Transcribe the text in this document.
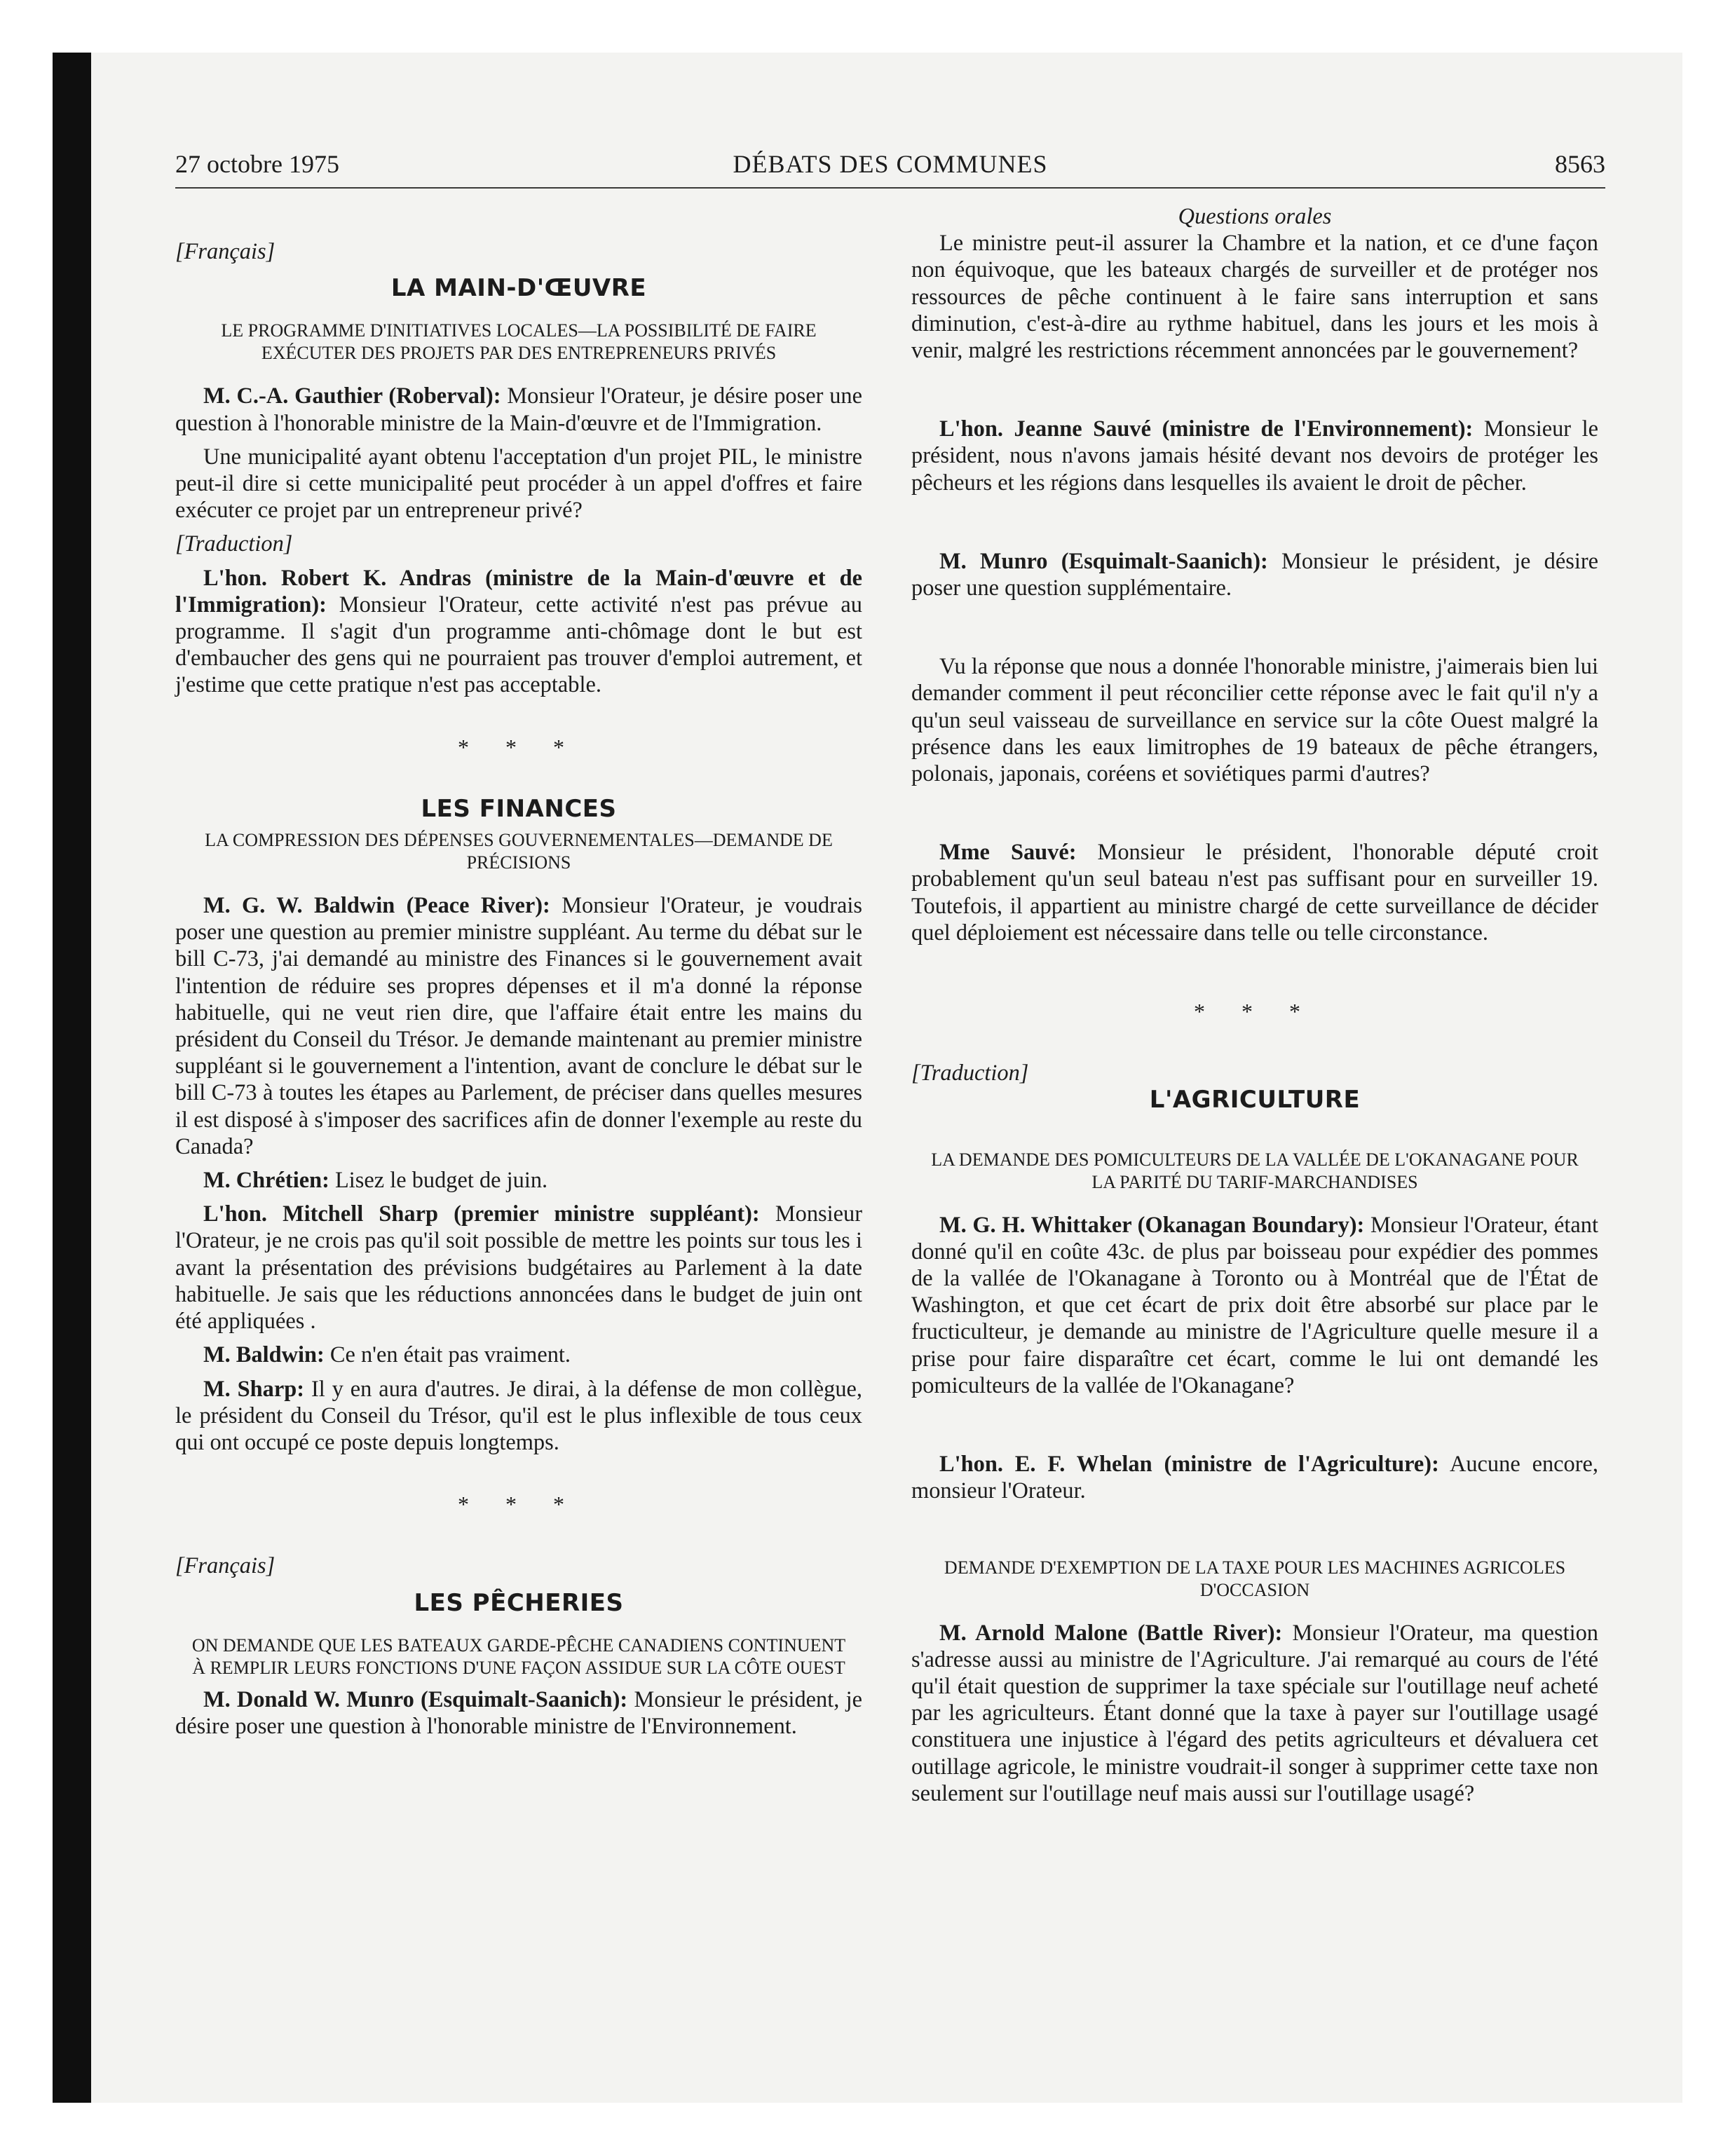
27 octobre 1975	DÉBATS DES COMMUNES	8563

[Français]

LA MAIN-D'ŒUVRE

LE PROGRAMME D'INITIATIVES LOCALES—LA POSSIBILITÉ DE FAIRE EXÉCUTER DES PROJETS PAR DES ENTREPRENEURS PRIVÉS

M. C.-A. Gauthier (Roberval): Monsieur l'Orateur, je désire poser une question à l'honorable ministre de la Main-d'œuvre et de l'Immigration.

Une municipalité ayant obtenu l'acceptation d'un projet PIL, le ministre peut-il dire si cette municipalité peut procéder à un appel d'offres et faire exécuter ce projet par un entrepreneur privé?

[Traduction]

L'hon. Robert K. Andras (ministre de la Main-d'œuvre et de l'Immigration): Monsieur l'Orateur, cette activité n'est pas prévue au programme. Il s'agit d'un programme anti-chômage dont le but est d'embaucher des gens qui ne pourraient pas trouver d'emploi autrement, et j'estime que cette pratique n'est pas acceptable.

* * *

LES FINANCES

LA COMPRESSION DES DÉPENSES GOUVERNEMENTALES—DEMANDE DE PRÉCISIONS

M. G. W. Baldwin (Peace River): Monsieur l'Orateur, je voudrais poser une question au premier ministre suppléant. Au terme du débat sur le bill C-73, j'ai demandé au ministre des Finances si le gouvernement avait l'intention de réduire ses propres dépenses et il m'a donné la réponse habituelle, qui ne veut rien dire, que l'affaire était entre les mains du président du Conseil du Trésor. Je demande maintenant au premier ministre suppléant si le gouvernement a l'intention, avant de conclure le débat sur le bill C-73 à toutes les étapes au Parlement, de préciser dans quelles mesures il est disposé à s'imposer des sacrifices afin de donner l'exemple au reste du Canada?

M. Chrétien: Lisez le budget de juin.

L'hon. Mitchell Sharp (premier ministre suppléant): Monsieur l'Orateur, je ne crois pas qu'il soit possible de mettre les points sur tous les i avant la présentation des prévisions budgétaires au Parlement à la date habituelle. Je sais que les réductions annoncées dans le budget de juin ont été appliquées .

M. Baldwin: Ce n'en était pas vraiment.

M. Sharp: Il y en aura d'autres. Je dirai, à la défense de mon collègue, le président du Conseil du Trésor, qu'il est le plus inflexible de tous ceux qui ont occupé ce poste depuis longtemps.

* * *

[Français]

LES PÊCHERIES

ON DEMANDE QUE LES BATEAUX GARDE-PÊCHE CANADIENS CONTINUENT À REMPLIR LEURS FONCTIONS D'UNE FAÇON ASSIDUE SUR LA CÔTE OUEST

M. Donald W. Munro (Esquimalt-Saanich): Monsieur le président, je désire poser une question à l'honorable ministre de l'Environnement.

Questions orales

Le ministre peut-il assurer la Chambre et la nation, et ce d'une façon non équivoque, que les bateaux chargés de surveiller et de protéger nos ressources de pêche continuent à le faire sans interruption et sans diminution, c'est-à-dire au rythme habituel, dans les jours et les mois à venir, malgré les restrictions récemment annoncées par le gouvernement?

L'hon. Jeanne Sauvé (ministre de l'Environnement): Monsieur le président, nous n'avons jamais hésité devant nos devoirs de protéger les pêcheurs et les régions dans lesquelles ils avaient le droit de pêcher.

M. Munro (Esquimalt-Saanich): Monsieur le président, je désire poser une question supplémentaire.

Vu la réponse que nous a donnée l'honorable ministre, j'aimerais bien lui demander comment il peut réconcilier cette réponse avec le fait qu'il n'y a qu'un seul vaisseau de surveillance en service sur la côte Ouest malgré la présence dans les eaux limitrophes de 19 bateaux de pêche étrangers, polonais, japonais, coréens et soviétiques parmi d'autres?

Mme Sauvé: Monsieur le président, l'honorable député croit probablement qu'un seul bateau n'est pas suffisant pour en surveiller 19. Toutefois, il appartient au ministre chargé de cette surveillance de décider quel déploiement est nécessaire dans telle ou telle circonstance.

* * *

[Traduction]

L'AGRICULTURE

LA DEMANDE DES POMICULTEURS DE LA VALLÉE DE L'OKANAGANE POUR LA PARITÉ DU TARIF-MARCHANDISES

M. G. H. Whittaker (Okanagan Boundary): Monsieur l'Orateur, étant donné qu'il en coûte 43c. de plus par boisseau pour expédier des pommes de la vallée de l'Okanagane à Toronto ou à Montréal que de l'État de Washington, et que cet écart de prix doit être absorbé sur place par le fructiculteur, je demande au ministre de l'Agriculture quelle mesure il a prise pour faire disparaître cet écart, comme le lui ont demandé les pomiculteurs de la vallée de l'Okanagane?

L'hon. E. F. Whelan (ministre de l'Agriculture): Aucune encore, monsieur l'Orateur.

DEMANDE D'EXEMPTION DE LA TAXE POUR LES MACHINES AGRICOLES D'OCCASION

M. Arnold Malone (Battle River): Monsieur l'Orateur, ma question s'adresse aussi au ministre de l'Agriculture. J'ai remarqué au cours de l'été qu'il était question de supprimer la taxe spéciale sur l'outillage neuf acheté par les agriculteurs. Étant donné que la taxe à payer sur l'outillage usagé constituera une injustice à l'égard des petits agriculteurs et dévaluera cet outillage agricole, le ministre voudrait-il songer à supprimer cette taxe non seulement sur l'outillage neuf mais aussi sur l'outillage usagé?
